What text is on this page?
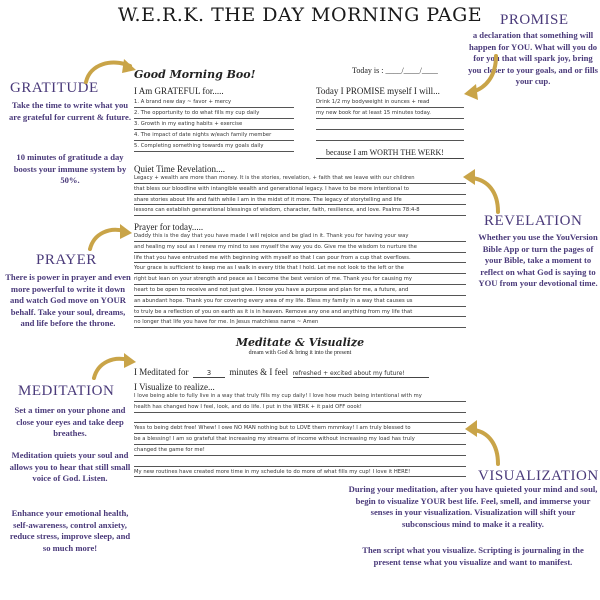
W.E.R.K. THE DAY MORNING PAGE
GRATITUDE
Take the time to write what you are grateful for current & future.
10 minutes of gratitude a day boosts your immune system by 50%.
PRAYER
There is power in prayer and even more powerful to write it down and watch God move on YOUR behalf. Take your soul, dreams, and life before the throne.
MEDITATION
Set a timer on your phone and close your eyes and take deep breathes.
Meditation quiets your soul and allows you to hear that still small voice of God. Listen.
Enhance your emotional health, self-awareness, control anxiety, reduce stress, improve sleep, and so much more!
PROMISE
a declaration that something will happen for YOU. What will you do for you that will spark joy, bring you closer to your goals, and or fills your cup.
REVELATION
Whether you use the YouVersion Bible App or turn the pages of your Bible, take a moment to reflect on what God is saying to YOU from your devotional time.
VISUALIZATION
During your meditation, after you have quieted your mind and soul, begin to visualize YOUR best life. Feel, smell, and immerse your senses in your visualization. Visualization will shift your subconscious mind to make it a reality.
Then script what you visualize. Scripting is journaling in the present tense what you visualize and want to manifest.
Good Morning Boo!	Today is : ____/____/____
I Am GRATEFUL for.....
1. A brand new day ~ favor + mercy
2. The opportunity to do what fills my cup daily
3. Growth in my eating habits + exercise
4. The impact of date nights w/each family member
5. Completing something towards my goals daily
Today I PROMISE myself I will...
Drink 1/2 my bodyweight in ounces + read
my new book for at least 15 minutes today.
because I am WORTH THE WERK!
Quiet Time Revelation....
Legacy + wealth are more than money. It is the stories, revelation, + faith that we leave with our children
that bless our bloodline with intangible wealth and generational legacy. I have to be more intentional to
share stories about life and faith while I am in the midst of it more. The legacy of storytelling and life
lessons can establish generational blessings of wisdom, character, faith, resilience, and love. Psalms 78:4-8
Prayer for today.....
Daddy this is the day that you have made I will rejoice and be glad in it. Thank you for having your way
and healing my soul as I renew my mind to see myself the way you do. Give me the wisdom to nurture the
life that you have entrusted me with beginning with myself so that I can pour from a cup that overflows.
Your grace is sufficient to keep me as I walk in every title that I hold. Let me not look to the left or the
right but lean on your strength and peace as I become the best version of me. Thank you for causing my
heart to be open to receive and not just give. I know you have a purpose and plan for me, a future, and
an abundant hope. Thank you for covering every area of my life. Bless my family in a way that causes us
to truly be a reflection of you on earth as it is in heaven. Remove any one and anything from my life that
no longer that life you have for me. In Jesus matchless name ~ Amen
Meditate & Visualize
dream with God & bring it into the present
I Meditated for	3 minutes & I feel refreshed + excited about my future!
I Visualize to realize...
I love being able to fully live in a way that truly fills my cup daily! I love how much being intentional with my
health has changed how I feel, look, and do life. I put in the WERK + it paid OFF oook!
Yess to being debt free! Whew! I owe NO MAN nothing but to LOVE them mmmkay! I am truly blessed to
be a blessing! I am so grateful that increasing my streams of income without increasing my load has truly
changed the game for me!
My new routines have created more time in my schedule to do more of what fills my cup! I love it HERE!
